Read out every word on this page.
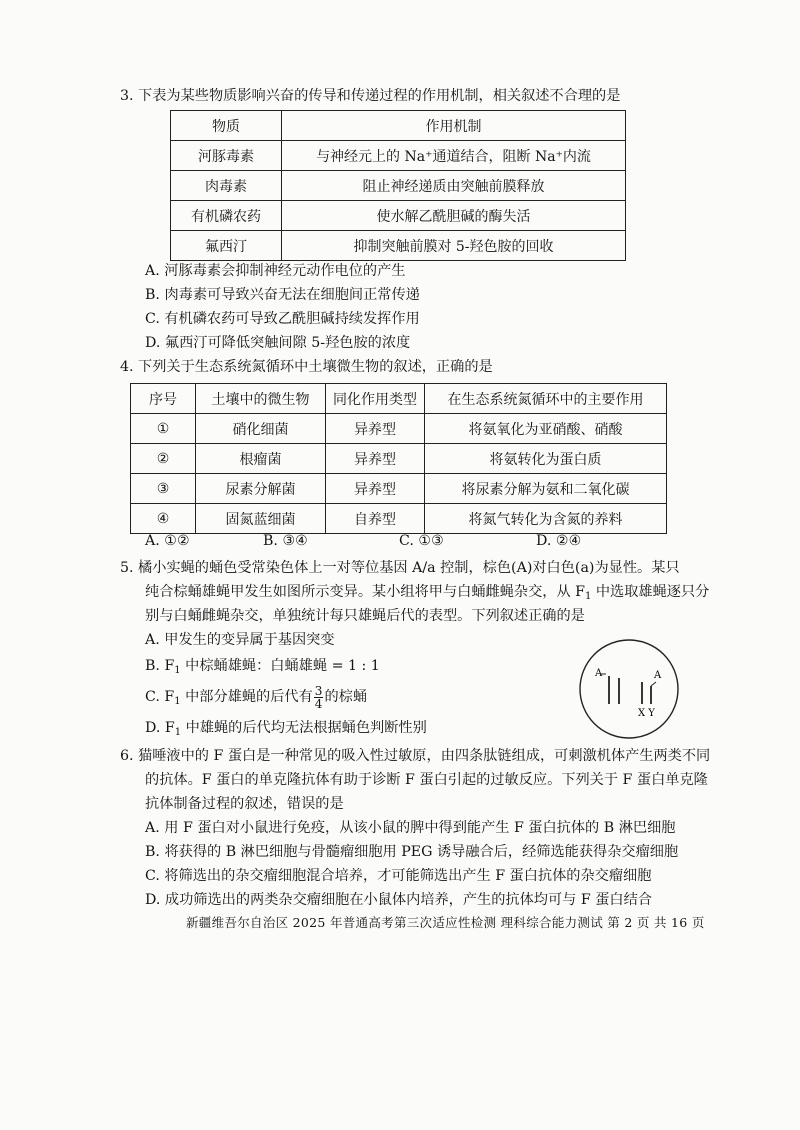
3. 下表为某些物质影响兴奋的传导和传递过程的作用机制，相关叙述不合理的是
物质	作用机制
河豚毒素	与神经元上的 Na⁺通道结合，阻断 Na⁺内流
肉毒素	阻止神经递质由突触前膜释放
有机磷农药	使水解乙酰胆碱的酶失活
氟西汀	抑制突触前膜对 5-羟色胺的回收
A. 河豚毒素会抑制神经元动作电位的产生
B. 肉毒素可导致兴奋无法在细胞间正常传递
C. 有机磷农药可导致乙酰胆碱持续发挥作用
D. 氟西汀可降低突触间隙 5-羟色胺的浓度
4. 下列关于生态系统氮循环中土壤微生物的叙述，正确的是
序号	土壤中的微生物	同化作用类型	在生态系统氮循环中的主要作用
①	硝化细菌	异养型	将氨氧化为亚硝酸、硝酸
②	根瘤菌	异养型	将氨转化为蛋白质
③	尿素分解菌	异养型	将尿素分解为氨和二氧化碳
④	固氮蓝细菌	自养型	将氮气转化为含氮的养料
A. ①②	B. ③④	C. ①③	D. ②④
5. 橘小实蝇的蛹色受常染色体上一对等位基因 A/a 控制，棕色(A)对白色(a)为显性。某只
纯合棕蛹雄蝇甲发生如图所示变异。某小组将甲与白蛹雌蝇杂交，从 $F_1$ 中选取雄蝇逐只分
别与白蛹雌蝇杂交，单独统计每只雄蝇后代的表型。下列叙述正确的是
A. 甲发生的变异属于基因突变
B. $F_1$ 中棕蛹雄蝇：白蛹雄蝇 = 1 : 1
C. $F_1$ 中部分雄蝇的后代有 $\frac{3}{4}$ 的棕蛹
D. $F_1$ 中雄蝇的后代均无法根据蛹色判断性别
A	A
X Y
6. 猫唾液中的 F 蛋白是一种常见的吸入性过敏原，由四条肽链组成，可刺激机体产生两类不同
的抗体。F 蛋白的单克隆抗体有助于诊断 F 蛋白引起的过敏反应。下列关于 F 蛋白单克隆
抗体制备过程的叙述，错误的是
A. 用 F 蛋白对小鼠进行免疫，从该小鼠的脾中得到能产生 F 蛋白抗体的 B 淋巴细胞
B. 将获得的 B 淋巴细胞与骨髓瘤细胞用 PEG 诱导融合后，经筛选能获得杂交瘤细胞
C. 将筛选出的杂交瘤细胞混合培养，才可能筛选出产生 F 蛋白抗体的杂交瘤细胞
D. 成功筛选出的两类杂交瘤细胞在小鼠体内培养，产生的抗体均可与 F 蛋白结合
新疆维吾尔自治区 2025 年普通高考第三次适应性检测 理科综合能力测试 第 2 页 共 16 页
